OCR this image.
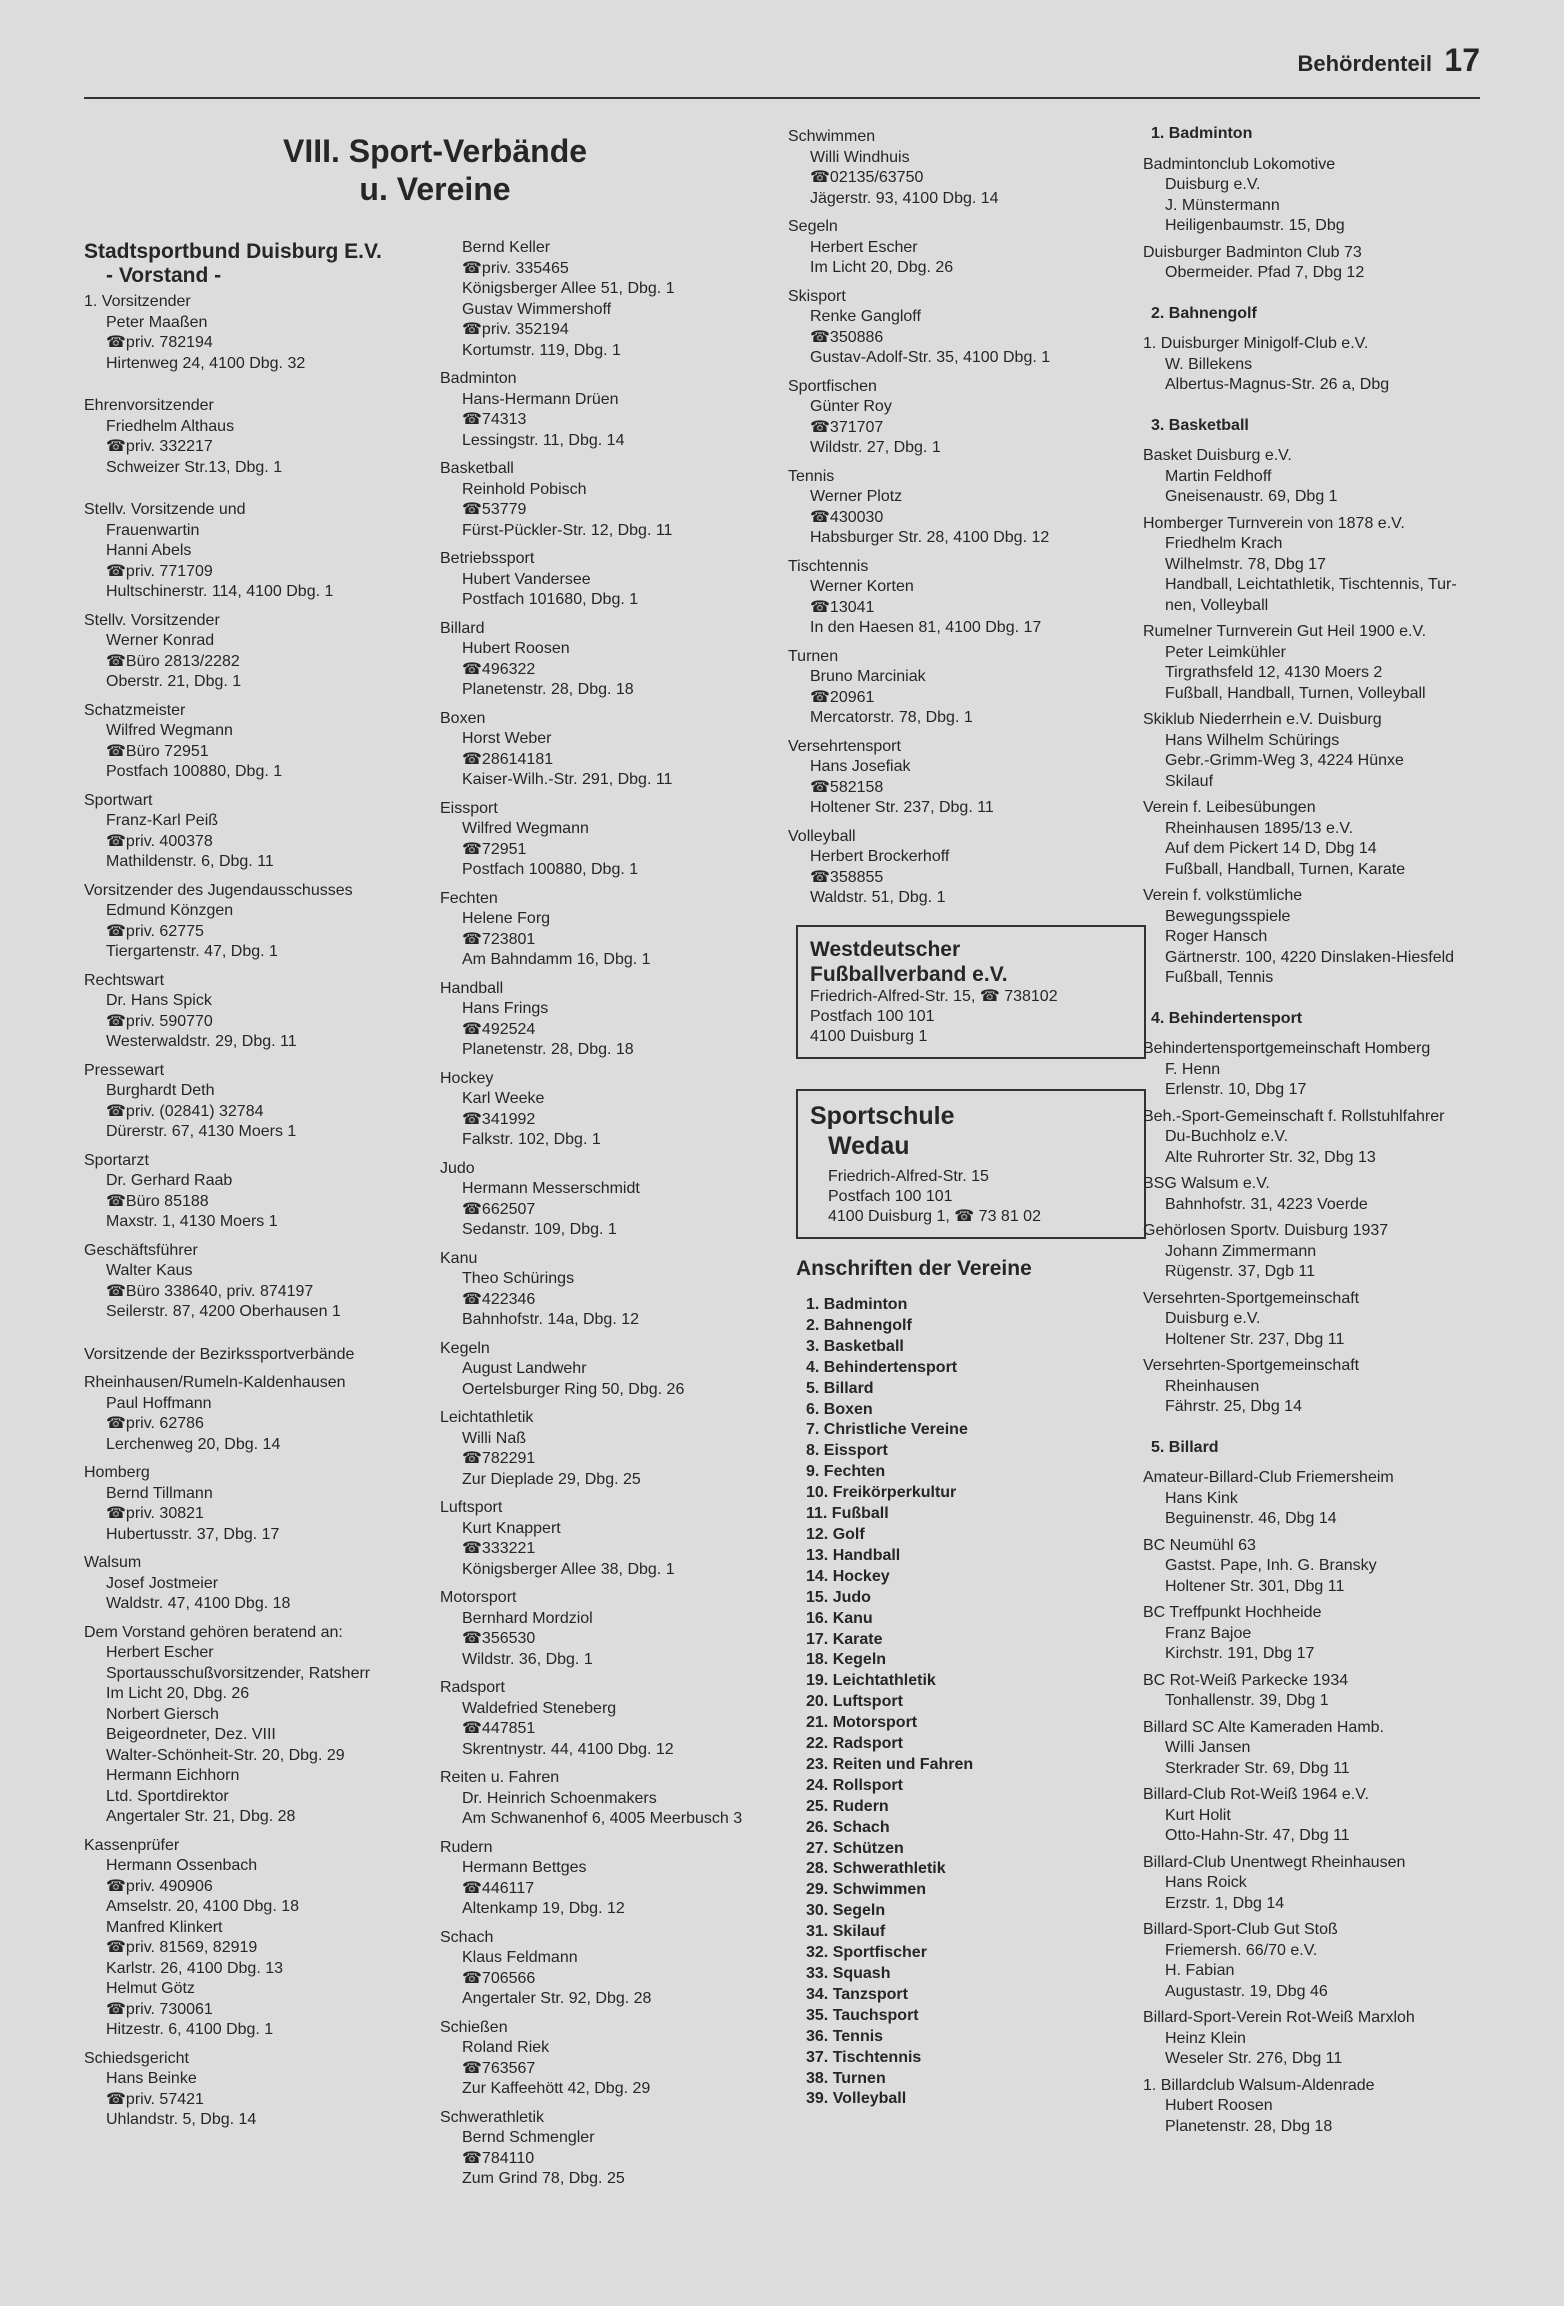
Behördenteil 17
VIII. Sport-Verbände
u. Vereine
Stadtsportbund Duisburg E.V.
- Vorstand -
1. Vorsitzender
Peter Maaßen
☎priv. 782194
Hirtenweg 24, 4100 Dbg. 32
Ehrenvorsitzender
Friedhelm Althaus
☎priv. 332217
Schweizer Str.13, Dbg. 1
Stellv. Vorsitzende und
Frauenwartin
Hanni Abels
☎priv. 771709
Hultschinerstr. 114, 4100 Dbg. 1
Stellv. Vorsitzender
Werner Konrad
☎Büro 2813/2282
Oberstr. 21, Dbg. 1
Schatzmeister
Wilfred Wegmann
☎Büro 72951
Postfach 100880, Dbg. 1
Sportwart
Franz-Karl Peiß
☎priv. 400378
Mathildenstr. 6, Dbg. 11
Vorsitzender des Jugendausschusses
Edmund Könzgen
☎priv. 62775
Tiergartenstr. 47, Dbg. 1
Rechtswart
Dr. Hans Spick
☎priv. 590770
Westerwaldstr. 29, Dbg. 11
Pressewart
Burghardt Deth
☎priv. (02841) 32784
Dürerstr. 67, 4130 Moers 1
Sportarzt
Dr. Gerhard Raab
☎Büro 85188
Maxstr. 1, 4130 Moers 1
Geschäftsführer
Walter Kaus
☎Büro 338640, priv. 874197
Seilerstr. 87, 4200 Oberhausen 1
Vorsitzende der Bezirkssportverbände
Rheinhausen/Rumeln-Kaldenhausen
Paul Hoffmann
☎priv. 62786
Lerchenweg 20, Dbg. 14
Homberg
Bernd Tillmann
☎priv. 30821
Hubertusstr. 37, Dbg. 17
Walsum
Josef Jostmeier
Waldstr. 47, 4100 Dbg. 18
Dem Vorstand gehören beratend an:
Herbert Escher
Sportausschußvorsitzender, Ratsherr
Im Licht 20, Dbg. 26
Norbert Giersch
Beigeordneter, Dez. VIII
Walter-Schönheit-Str. 20, Dbg. 29
Hermann Eichhorn
Ltd. Sportdirektor
Angertaler Str. 21, Dbg. 28
Kassenprüfer
Hermann Ossenbach
☎priv. 490906
Amselstr. 20, 4100 Dbg. 18
Manfred Klinkert
☎priv. 81569, 82919
Karlstr. 26, 4100 Dbg. 13
Helmut Götz
☎priv. 730061
Hitzestr. 6, 4100 Dbg. 1
Schiedsgericht
Hans Beinke
☎priv. 57421
Uhlandstr. 5, Dbg. 14
Bernd Keller
☎priv. 335465
Königsberger Allee 51, Dbg. 1
Gustav Wimmershoff
☎priv. 352194
Kortumstr. 119, Dbg. 1
Badminton
Hans-Hermann Drüen
☎74313
Lessingstr. 11, Dbg. 14
Basketball
Reinhold Pobisch
☎53779
Fürst-Pückler-Str. 12, Dbg. 11
Betriebssport
Hubert Vandersee
Postfach 101680, Dbg. 1
Billard
Hubert Roosen
☎496322
Planetenstr. 28, Dbg. 18
Boxen
Horst Weber
☎28614181
Kaiser-Wilh.-Str. 291, Dbg. 11
Eissport
Wilfred Wegmann
☎72951
Postfach 100880, Dbg. 1
Fechten
Helene Forg
☎723801
Am Bahndamm 16, Dbg. 1
Handball
Hans Frings
☎492524
Planetenstr. 28, Dbg. 18
Hockey
Karl Weeke
☎341992
Falkstr. 102, Dbg. 1
Judo
Hermann Messerschmidt
☎662507
Sedanstr. 109, Dbg. 1
Kanu
Theo Schürings
☎422346
Bahnhofstr. 14a, Dbg. 12
Kegeln
August Landwehr
Oertelsburger Ring 50, Dbg. 26
Leichtathletik
Willi Naß
☎782291
Zur Dieplade 29, Dbg. 25
Luftsport
Kurt Knappert
☎333221
Königsberger Allee 38, Dbg. 1
Motorsport
Bernhard Mordziol
☎356530
Wildstr. 36, Dbg. 1
Radsport
Waldefried Steneberg
☎447851
Skrentnystr. 44, 4100 Dbg. 12
Reiten u. Fahren
Dr. Heinrich Schoenmakers
Am Schwanenhof 6, 4005 Meerbusch 3
Rudern
Hermann Bettges
☎446117
Altenkamp 19, Dbg. 12
Schach
Klaus Feldmann
☎706566
Angertaler Str. 92, Dbg. 28
Schießen
Roland Riek
☎763567
Zur Kaffeehött 42, Dbg. 29
Schwerathletik
Bernd Schmengler
☎784110
Zum Grind 78, Dbg. 25
Schwimmen
Willi Windhuis
☎02135/63750
Jägerstr. 93, 4100 Dbg. 14
Segeln
Herbert Escher
Im Licht 20, Dbg. 26
Skisport
Renke Gangloff
☎350886
Gustav-Adolf-Str. 35, 4100 Dbg. 1
Sportfischen
Günter Roy
☎371707
Wildstr. 27, Dbg. 1
Tennis
Werner Plotz
☎430030
Habsburger Str. 28, 4100 Dbg. 12
Tischtennis
Werner Korten
☎13041
In den Haesen 81, 4100 Dbg. 17
Turnen
Bruno Marciniak
☎20961
Mercatorstr. 78, Dbg. 1
Versehrtensport
Hans Josefiak
☎582158
Holtener Str. 237, Dbg. 11
Volleyball
Herbert Brockerhoff
☎358855
Waldstr. 51, Dbg. 1
Westdeutscher
Fußballverband e.V.
Friedrich-Alfred-Str. 15, ☎ 738102
Postfach 100 101
4100 Duisburg 1
Sportschule
Wedau
Friedrich-Alfred-Str. 15
Postfach 100 101
4100 Duisburg 1, ☎ 73 81 02
Anschriften der Vereine
1. Badminton
2. Bahnengolf
3. Basketball
4. Behindertensport
5. Billard
6. Boxen
7. Christliche Vereine
8. Eissport
9. Fechten
10. Freikörperkultur
11. Fußball
12. Golf
13. Handball
14. Hockey
15. Judo
16. Kanu
17. Karate
18. Kegeln
19. Leichtathletik
20. Luftsport
21. Motorsport
22. Radsport
23. Reiten und Fahren
24. Rollsport
25. Rudern
26. Schach
27. Schützen
28. Schwerathletik
29. Schwimmen
30. Segeln
31. Skilauf
32. Sportfischer
33. Squash
34. Tanzsport
35. Tauchsport
36. Tennis
37. Tischtennis
38. Turnen
39. Volleyball
1. Badminton
Badmintonclub Lokomotive
Duisburg e.V.
J. Münstermann
Heiligenbaumstr. 15, Dbg
Duisburger Badminton Club 73
Obermeider. Pfad 7, Dbg 12
2. Bahnengolf
1. Duisburger Minigolf-Club e.V.
W. Billekens
Albertus-Magnus-Str. 26 a, Dbg
3. Basketball
Basket Duisburg e.V.
Martin Feldhoff
Gneisenaustr. 69, Dbg 1
Homberger Turnverein von 1878 e.V.
Friedhelm Krach
Wilhelmstr. 78, Dbg 17
Handball, Leichtathletik, Tischtennis, Tur-
nen, Volleyball
Rumelner Turnverein Gut Heil 1900 e.V.
Peter Leimkühler
Tirgrathsfeld 12, 4130 Moers 2
Fußball, Handball, Turnen, Volleyball
Skiklub Niederrhein e.V. Duisburg
Hans Wilhelm Schürings
Gebr.-Grimm-Weg 3, 4224 Hünxe
Skilauf
Verein f. Leibesübungen
Rheinhausen 1895/13 e.V.
Auf dem Pickert 14 D, Dbg 14
Fußball, Handball, Turnen, Karate
Verein f. volkstümliche
Bewegungsspiele
Roger Hansch
Gärtnerstr. 100, 4220 Dinslaken-Hiesfeld
Fußball, Tennis
4. Behindertensport
Behindertensportgemeinschaft Homberg
F. Henn
Erlenstr. 10, Dbg 17
Beh.-Sport-Gemeinschaft f. Rollstuhlfahrer
Du-Buchholz e.V.
Alte Ruhrorter Str. 32, Dbg 13
BSG Walsum e.V.
Bahnhofstr. 31, 4223 Voerde
Gehörlosen Sportv. Duisburg 1937
Johann Zimmermann
Rügenstr. 37, Dgb 11
Versehrten-Sportgemeinschaft
Duisburg e.V.
Holtener Str. 237, Dbg 11
Versehrten-Sportgemeinschaft
Rheinhausen
Fährstr. 25, Dbg 14
5. Billard
Amateur-Billard-Club Friemersheim
Hans Kink
Beguinenstr. 46, Dbg 14
BC Neumühl 63
Gastst. Pape, Inh. G. Bransky
Holtener Str. 301, Dbg 11
BC Treffpunkt Hochheide
Franz Bajoe
Kirchstr. 191, Dbg 17
BC Rot-Weiß Parkecke 1934
Tonhallenstr. 39, Dbg 1
Billard SC Alte Kameraden Hamb.
Willi Jansen
Sterkrader Str. 69, Dbg 11
Billard-Club Rot-Weiß 1964 e.V.
Kurt Holit
Otto-Hahn-Str. 47, Dbg 11
Billard-Club Unentwegt Rheinhausen
Hans Roick
Erzstr. 1, Dbg 14
Billard-Sport-Club Gut Stoß
Friemersh. 66/70 e.V.
H. Fabian
Augustastr. 19, Dbg 46
Billard-Sport-Verein Rot-Weiß Marxloh
Heinz Klein
Weseler Str. 276, Dbg 11
1. Billardclub Walsum-Aldenrade
Hubert Roosen
Planetenstr. 28, Dbg 18
